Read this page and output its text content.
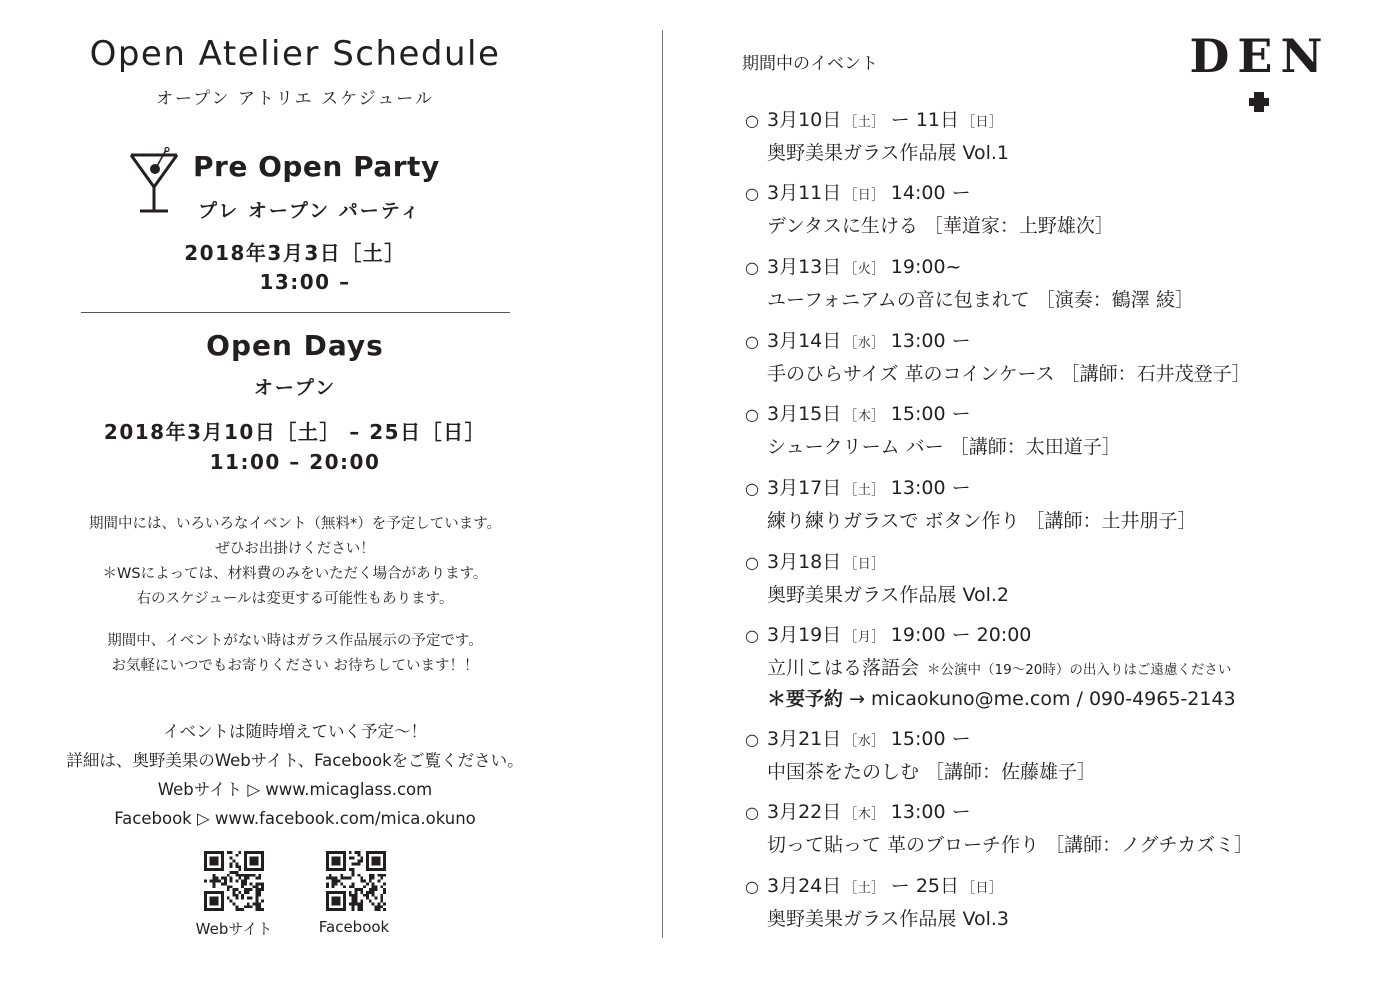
Open Atelier Schedule
オープン アトリエ スケジュール
Pre Open Party
プレ オープン パーティ
2018年3月3日［土］
13:00 –
Open Days
オープン
2018年3月10日［土］ – 25日［日］
11:00 – 20:00
期間中には、いろいろなイベント（無料*）を予定しています。
ぜひお出掛けください！
＊WSによっては、材料費のみをいただく場合があります。
右のスケジュールは変更する可能性もあります。
期間中、イベントがない時はガラス作品展示の予定です。
お気軽にいつでもお寄りください お待ちしています！！
イベントは随時増えていく予定〜！
詳細は、奥野美果のWebサイト、Facebookをご覧ください。
Webサイト ▷ www.micaglass.com
Facebook ▷ www.facebook.com/mica.okuno
Webサイト	Facebook
期間中のイベント	DEN
○ 3月10日 ［土］ ー 11日 ［日］
奥野美果ガラス作品展 Vol.1
○ 3月11日 ［日］ 14:00 ー
デンタスに生ける ［華道家：上野雄次］
○ 3月13日 ［火］ 19:00~
ユーフォニアムの音に包まれて ［演奏：鶴澤 綾］
○ 3月14日 ［水］ 13:00 ー
手のひらサイズ 革のコインケース ［講師：石井茂登子］
○ 3月15日 ［木］ 15:00 ー
シュークリーム バー ［講師：太田道子］
○ 3月17日 ［土］ 13:00 ー
練り練りガラスで ボタン作り ［講師：土井朋子］
○ 3月18日 ［日］
奥野美果ガラス作品展 Vol.2
○ 3月19日 ［月］ 19:00 ー 20:00
立川こはる落語会 ＊公演中（19〜20時）の出入りはご遠慮ください
＊要予約 → micaokuno@me.com / 090-4965-2143
○ 3月21日 ［水］ 15:00 ー
中国茶をたのしむ ［講師：佐藤雄子］
○ 3月22日 ［木］ 13:00 ー
切って貼って 革のブローチ作り ［講師：ノグチカズミ］
○ 3月24日 ［土］ ー 25日 ［日］
奥野美果ガラス作品展 Vol.3
